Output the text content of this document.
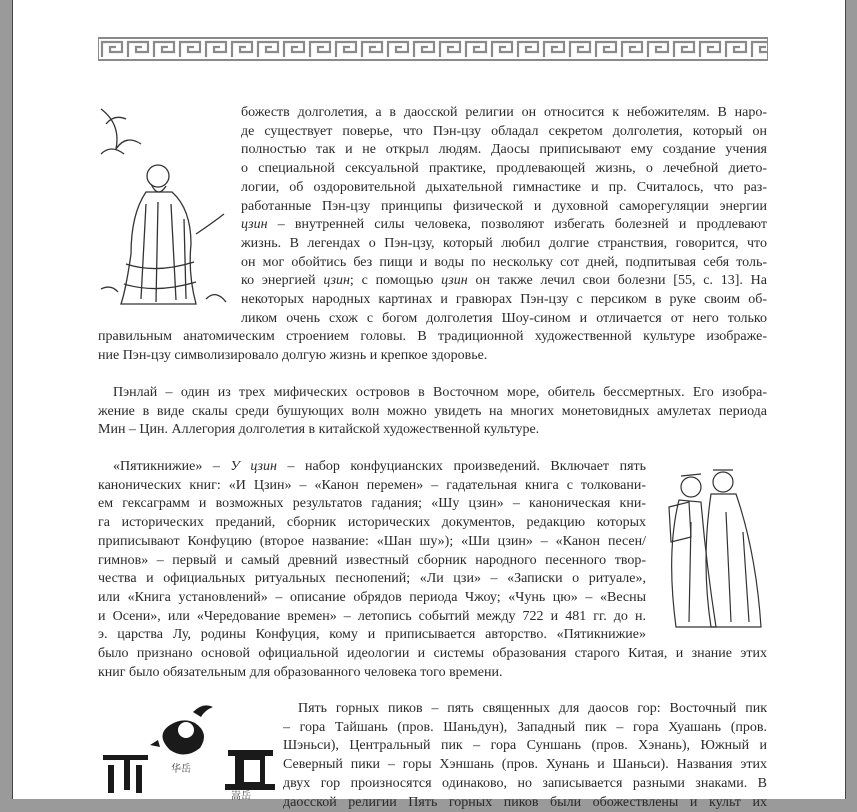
华岳
嵩岳
божеств долголетия, а в даосской религии он относится к небожителям. В наро-
де существует поверье, что Пэн-цзу обладал секретом долголетия, который он
полностью так и не открыл людям. Даосы приписывают ему создание учения
о специальной сексуальной практике, продлевающей жизнь, о лечебной дието-
логии, об оздоровительной дыхательной гимнастике и пр. Считалось, что раз-
работанные Пэн-цзу принципы физической и духовной саморегуляции энергии
цзин – внутренней силы человека, позволяют избегать болезней и продлевают
жизнь. В легендах о Пэн-цзу, который любил долгие странствия, говорится, что
он мог обойтись без пищи и воды по нескольку сот дней, подпитывая себя толь-
ко энергией цзин; с помощью цзин он также лечил свои болезни [55, с. 13]. На
некоторых народных картинах и гравюрах Пэн-цзу с персиком в руке своим об-
ликом очень схож с богом долголетия Шоу-сином и отличается от него только
правильным анатомическим строением головы. В традиционной художественной культуре изображе-
ние Пэн-цзу символизировало долгую жизнь и крепкое здоровье.
Пэнлай – один из трех мифических островов в Восточном море, обитель бессмертных. Его изобра-
жение в виде скалы среди бушующих волн можно увидеть на многих монетовидных амулетах периода
Мин – Цин. Аллегория долголетия в китайской художественной культуре.
«Пятикнижие» – У цзин – набор конфуцианских произведений. Включает пять
канонических книг: «И Цзин» – «Канон перемен» – гадательная книга с толковани-
ем гексаграмм и возможных результатов гадания; «Шу цзин» – каноническая кни-
га исторических преданий, сборник исторических документов, редакцию которых
приписывают Конфуцию (второе название: «Шан шу»); «Ши цзин» – «Канон песен/
гимнов» – первый и самый древний известный сборник народного песенного твор-
чества и официальных ритуальных песнопений; «Ли цзи» – «Записки о ритуале»,
или «Книга установлений» – описание обрядов периода Чжоу; «Чунь цю» – «Весны
и Осени», или «Чередование времен» – летопись событий между 722 и 481 гг. до н.
э. царства Лу, родины Конфуция, кому и приписывается авторство. «Пятикнижие»
было признано основой официальной идеологии и системы образования старого Китая, и знание этих
книг было обязательным для образованного человека того времени.
Пять горных пиков – пять священных для даосов гор: Восточный пик
– гора Тайшань (пров. Шаньдун), Западный пик – гора Хуашань (пров.
Шэньси), Центральный пик – гора Суншань (пров. Хэнань), Южный и
Северный пики – горы Хэншань (пров. Хунань и Шаньси). Названия этих
двух гор произносятся одинаково, но записывается разными знаками. В
даосской религии Пять горных пиков были обожествлены и культ их
